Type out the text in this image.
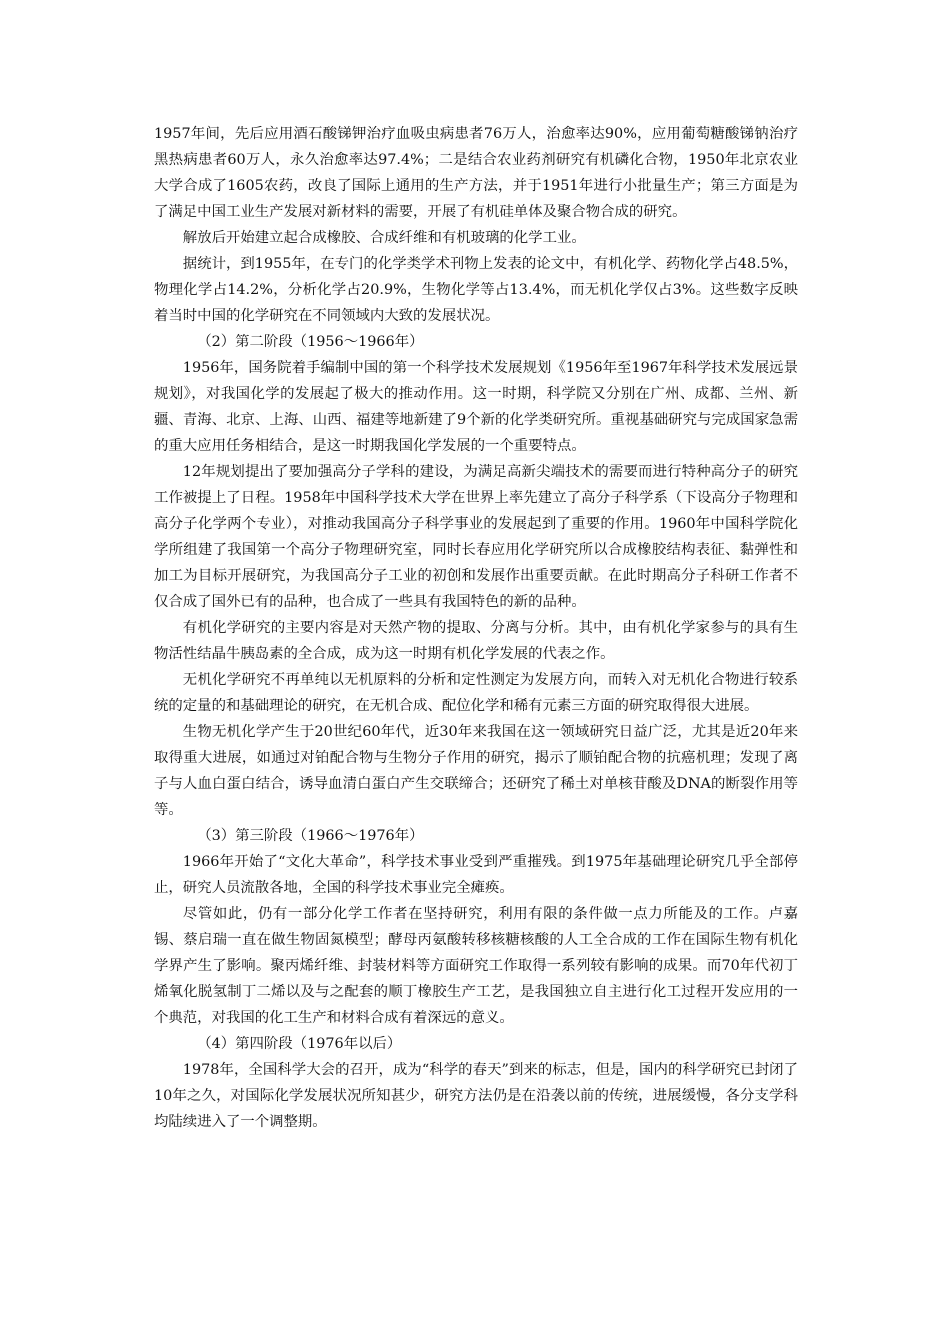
1957年间，先后应用酒石酸锑钾治疗血吸虫病患者76万人，治愈率达90%，应用葡萄糖酸锑钠治疗黑热病患者60万人，永久治愈率达97.4%；二是结合农业药剂研究有机磷化合物，1950年北京农业大学合成了1605农药，改良了国际上通用的生产方法，并于1951年进行小批量生产；第三方面是为了满足中国工业生产发展对新材料的需要，开展了有机硅单体及聚合物合成的研究。

解放后开始建立起合成橡胶、合成纤维和有机玻璃的化学工业。

据统计，到1955年，在专门的化学类学术刊物上发表的论文中，有机化学、药物化学占48.5%，物理化学占14.2%，分析化学占20.9%，生物化学等占13.4%，而无机化学仅占3%。这些数字反映着当时中国的化学研究在不同领域内大致的发展状况。

（2）第二阶段（1956～1966年）

1956年，国务院着手编制中国的第一个科学技术发展规划《1956年至1967年科学技术发展远景规划》，对我国化学的发展起了极大的推动作用。这一时期，科学院又分别在广州、成都、兰州、新疆、青海、北京、上海、山西、福建等地新建了9个新的化学类研究所。重视基础研究与完成国家急需的重大应用任务相结合，是这一时期我国化学发展的一个重要特点。

12年规划提出了要加强高分子学科的建设，为满足高新尖端技术的需要而进行特种高分子的研究工作被提上了日程。1958年中国科学技术大学在世界上率先建立了高分子科学系（下设高分子物理和高分子化学两个专业），对推动我国高分子科学事业的发展起到了重要的作用。1960年中国科学院化学所组建了我国第一个高分子物理研究室，同时长春应用化学研究所以合成橡胶结构表征、黏弹性和加工为目标开展研究，为我国高分子工业的初创和发展作出重要贡献。在此时期高分子科研工作者不仅合成了国外已有的品种，也合成了一些具有我国特色的新的品种。

有机化学研究的主要内容是对天然产物的提取、分离与分析。其中，由有机化学家参与的具有生物活性结晶牛胰岛素的全合成，成为这一时期有机化学发展的代表之作。

无机化学研究不再单纯以无机原料的分析和定性测定为发展方向，而转入对无机化合物进行较系统的定量的和基础理论的研究，在无机合成、配位化学和稀有元素三方面的研究取得很大进展。

生物无机化学产生于20世纪60年代，近30年来我国在这一领域研究日益广泛，尤其是近20年来取得重大进展，如通过对铂配合物与生物分子作用的研究，揭示了顺铂配合物的抗癌机理；发现了离子与人血白蛋白结合，诱导血清白蛋白产生交联缔合；还研究了稀土对单核苷酸及DNA的断裂作用等等。

（3）第三阶段（1966～1976年）

1966年开始了“文化大革命”，科学技术事业受到严重摧残。到1975年基础理论研究几乎全部停止，研究人员流散各地，全国的科学技术事业完全瘫痪。

尽管如此，仍有一部分化学工作者在坚持研究，利用有限的条件做一点力所能及的工作。卢嘉锡、蔡启瑞一直在做生物固氮模型；酵母丙氨酸转移核糖核酸的人工全合成的工作在国际生物有机化学界产生了影响。聚丙烯纤维、封装材料等方面研究工作取得一系列较有影响的成果。而70年代初丁烯氧化脱氢制丁二烯以及与之配套的顺丁橡胶生产工艺，是我国独立自主进行化工过程开发应用的一个典范，对我国的化工生产和材料合成有着深远的意义。

（4）第四阶段（1976年以后）

1978年，全国科学大会的召开，成为“科学的春天”到来的标志，但是，国内的科学研究已封闭了10年之久，对国际化学发展状况所知甚少，研究方法仍是在沿袭以前的传统，进展缓慢，各分支学科均陆续进入了一个调整期。
